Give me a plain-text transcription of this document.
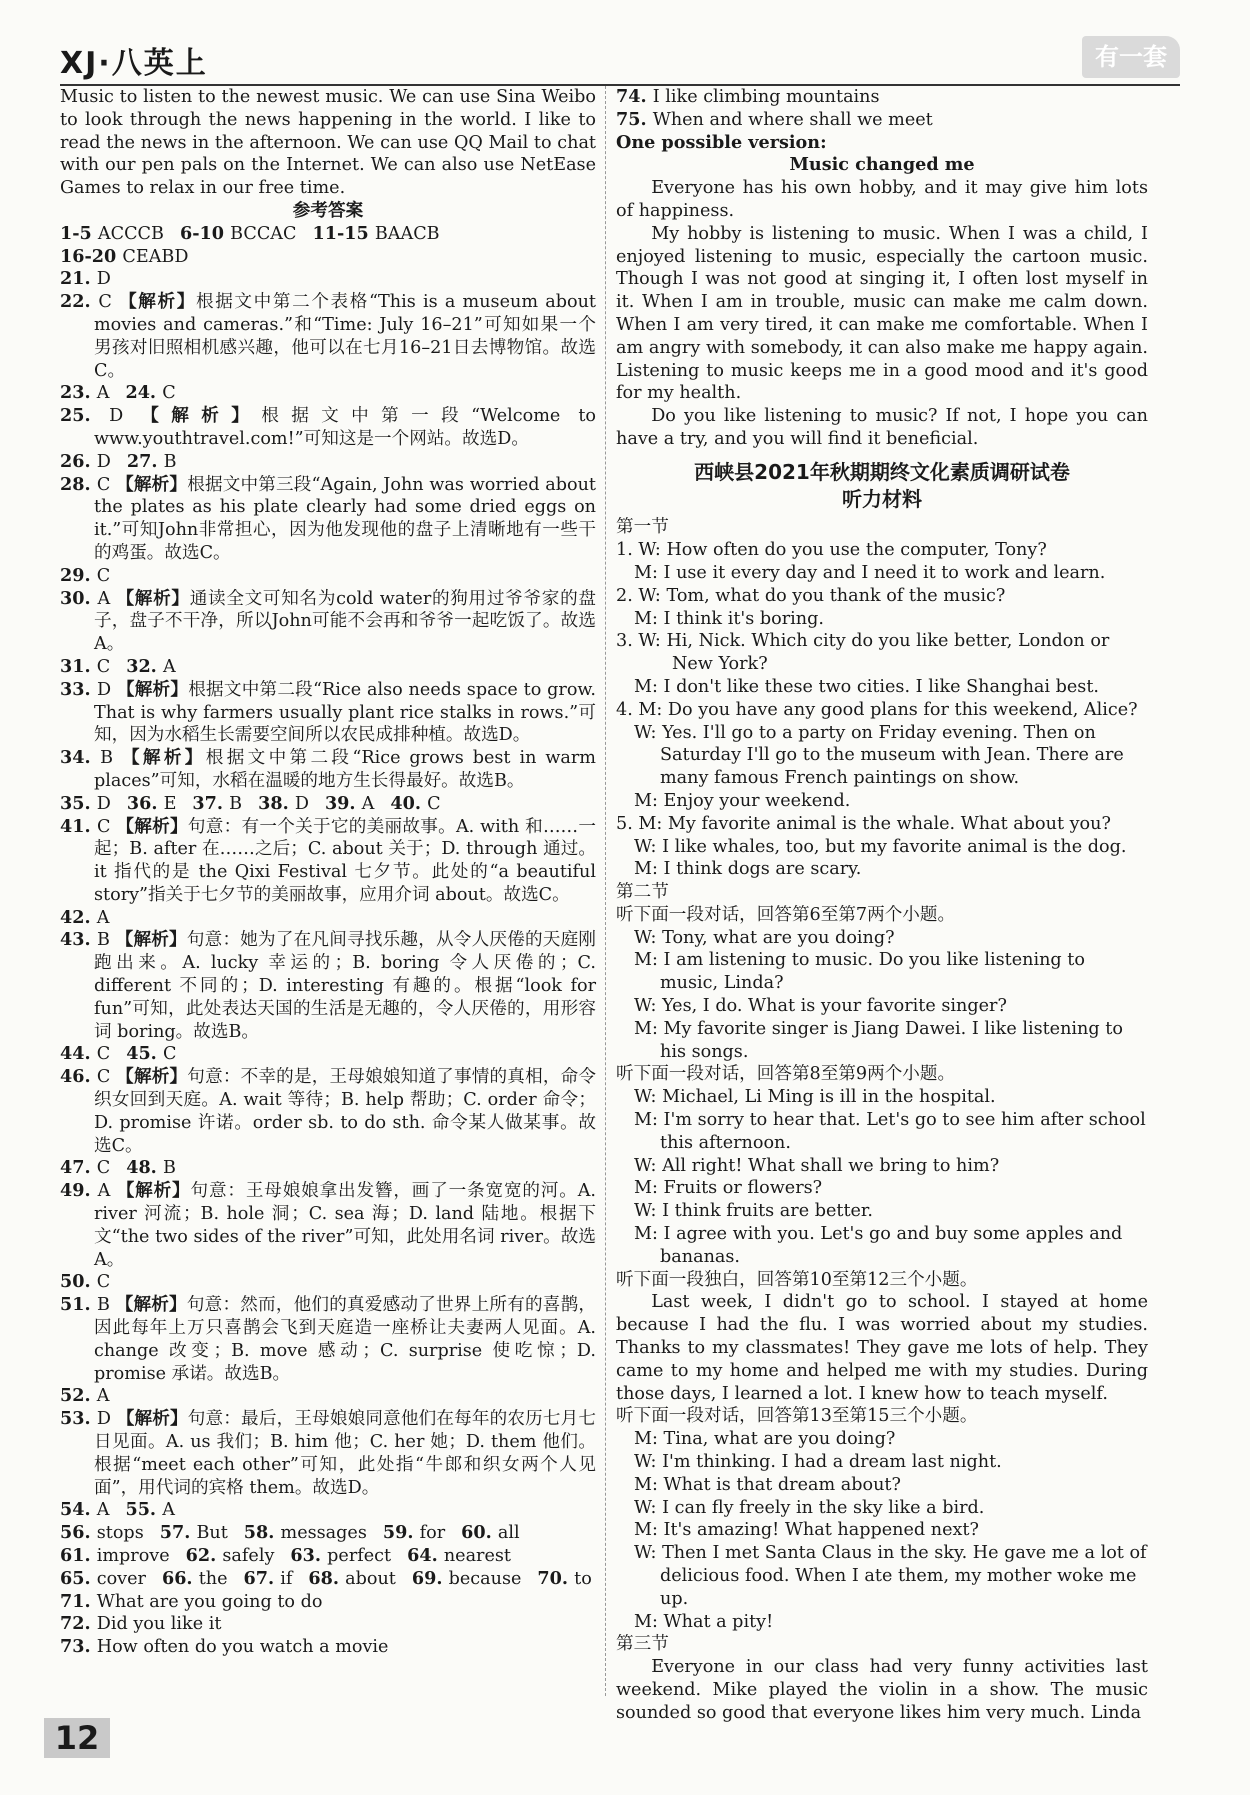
XJ·八英上	有一套

Music to listen to the newest music. We can use Sina Weibo to look through the news happening in the world. I like to read the news in the afternoon. We can use QQ Mail to chat with our pen pals on the Internet. We can also use NetEase Games to relax in our free time.

参考答案

1-5 ACCCB 6-10 BCCAC 11-15 BAACB

16-20 CEABD

21. D

22. C 【解析】根据文中第二个表格“This is a museum about movies and cameras.”和“Time: July 16–21”可知如果一个男孩对旧照相机感兴趣，他可以在七月16–21日去博物馆。故选C。

23. A 24. C

25. D 【解析】根据文中第一段“Welcome to www.youthtravel.com!”可知这是一个网站。故选D。

26. D 27. B

28. C 【解析】根据文中第三段“Again, John was worried about the plates as his plate clearly had some dried eggs on it.”可知John非常担心，因为他发现他的盘子上清晰地有一些干的鸡蛋。故选C。

29. C

30. A 【解析】通读全文可知名为cold water的狗用过爷爷家的盘子，盘子不干净，所以John可能不会再和爷爷一起吃饭了。故选A。

31. C 32. A

33. D 【解析】根据文中第二段“Rice also needs space to grow. That is why farmers usually plant rice stalks in rows.”可知，因为水稻生长需要空间所以农民成排种植。故选D。

34. B 【解析】根据文中第二段“Rice grows best in warm places”可知，水稻在温暖的地方生长得最好。故选B。

35. D 36. E 37. B 38. D 39. A 40. C

41. C 【解析】句意：有一个关于它的美丽故事。A. with 和……一起；B. after 在……之后；C. about 关于；D. through 通过。it 指代的是 the Qixi Festival 七夕节。此处的“a beautiful story”指关于七夕节的美丽故事，应用介词 about。故选C。

42. A

43. B 【解析】句意：她为了在凡间寻找乐趣，从令人厌倦的天庭刚跑出来。A. lucky 幸运的；B. boring 令人厌倦的；C. different 不同的；D. interesting 有趣的。根据“look for fun”可知，此处表达天国的生活是无趣的，令人厌倦的，用形容词 boring。故选B。

44. C 45. C

46. C 【解析】句意：不幸的是，王母娘娘知道了事情的真相，命令织女回到天庭。A. wait 等待；B. help 帮助；C. order 命令；D. promise 许诺。order sb. to do sth. 命令某人做某事。故选C。

47. C 48. B

49. A 【解析】句意：王母娘娘拿出发簪，画了一条宽宽的河。A. river 河流；B. hole 洞；C. sea 海；D. land 陆地。根据下文“the two sides of the river”可知，此处用名词 river。故选A。

50. C

51. B 【解析】句意：然而，他们的真爱感动了世界上所有的喜鹊，因此每年上万只喜鹊会飞到天庭造一座桥让夫妻两人见面。A. change 改变；B. move 感动；C. surprise 使吃惊；D. promise 承诺。故选B。

52. A

53. D 【解析】句意：最后，王母娘娘同意他们在每年的农历七月七日见面。A. us 我们；B. him 他；C. her 她；D. them 他们。根据“meet each other”可知，此处指“牛郎和织女两个人见面”，用代词的宾格 them。故选D。

54. A 55. A

56. stops 57. But 58. messages 59. for 60. all

61. improve 62. safely 63. perfect 64. nearest

65. cover 66. the 67. if 68. about 69. because 70. to

71. What are you going to do

72. Did you like it

73. How often do you watch a movie

74. I like climbing mountains

75. When and where shall we meet

One possible version:

Music changed me

Everyone has his own hobby, and it may give him lots of happiness.

My hobby is listening to music. When I was a child, I enjoyed listening to music, especially the cartoon music. Though I was not good at singing it, I often lost myself in it. When I am in trouble, music can make me calm down. When I am very tired, it can make me comfortable. When I am angry with somebody, it can also make me happy again. Listening to music keeps me in a good mood and it's good for my health.

Do you like listening to music? If not, I hope you can have a try, and you will find it beneficial.

西峡县2021年秋期期终文化素质调研试卷

听力材料

第一节

1. W: How often do you use the computer, Tony?

M: I use it every day and I need it to work and learn.

2. W: Tom, what do you thank of the music?

M: I think it's boring.

3. W: Hi, Nick. Which city do you like better, London or New York?

M: I don't like these two cities. I like Shanghai best.

4. M: Do you have any good plans for this weekend, Alice?

W: Yes. I'll go to a party on Friday evening. Then on Saturday I'll go to the museum with Jean. There are many famous French paintings on show.

M: Enjoy your weekend.

5. M: My favorite animal is the whale. What about you?

W: I like whales, too, but my favorite animal is the dog.

M: I think dogs are scary.

第二节

听下面一段对话，回答第6至第7两个小题。

W: Tony, what are you doing?

M: I am listening to music. Do you like listening to music, Linda?

W: Yes, I do. What is your favorite singer?

M: My favorite singer is Jiang Dawei. I like listening to his songs.

听下面一段对话，回答第8至第9两个小题。

W: Michael, Li Ming is ill in the hospital.

M: I'm sorry to hear that. Let's go to see him after school this afternoon.

W: All right! What shall we bring to him?

M: Fruits or flowers?

W: I think fruits are better.

M: I agree with you. Let's go and buy some apples and bananas.

听下面一段独白，回答第10至第12三个小题。

Last week, I didn't go to school. I stayed at home because I had the flu. I was worried about my studies. Thanks to my classmates! They gave me lots of help. They came to my home and helped me with my studies. During those days, I learned a lot. I knew how to teach myself.

听下面一段对话，回答第13至第15三个小题。

M: Tina, what are you doing?

W: I'm thinking. I had a dream last night.

M: What is that dream about?

W: I can fly freely in the sky like a bird.

M: It's amazing! What happened next?

W: Then I met Santa Claus in the sky. He gave me a lot of delicious food. When I ate them, my mother woke me up.

M: What a pity!

第三节

Everyone in our class had very funny activities last weekend. Mike played the violin in a show. The music sounded so good that everyone likes him very much. Linda

12
